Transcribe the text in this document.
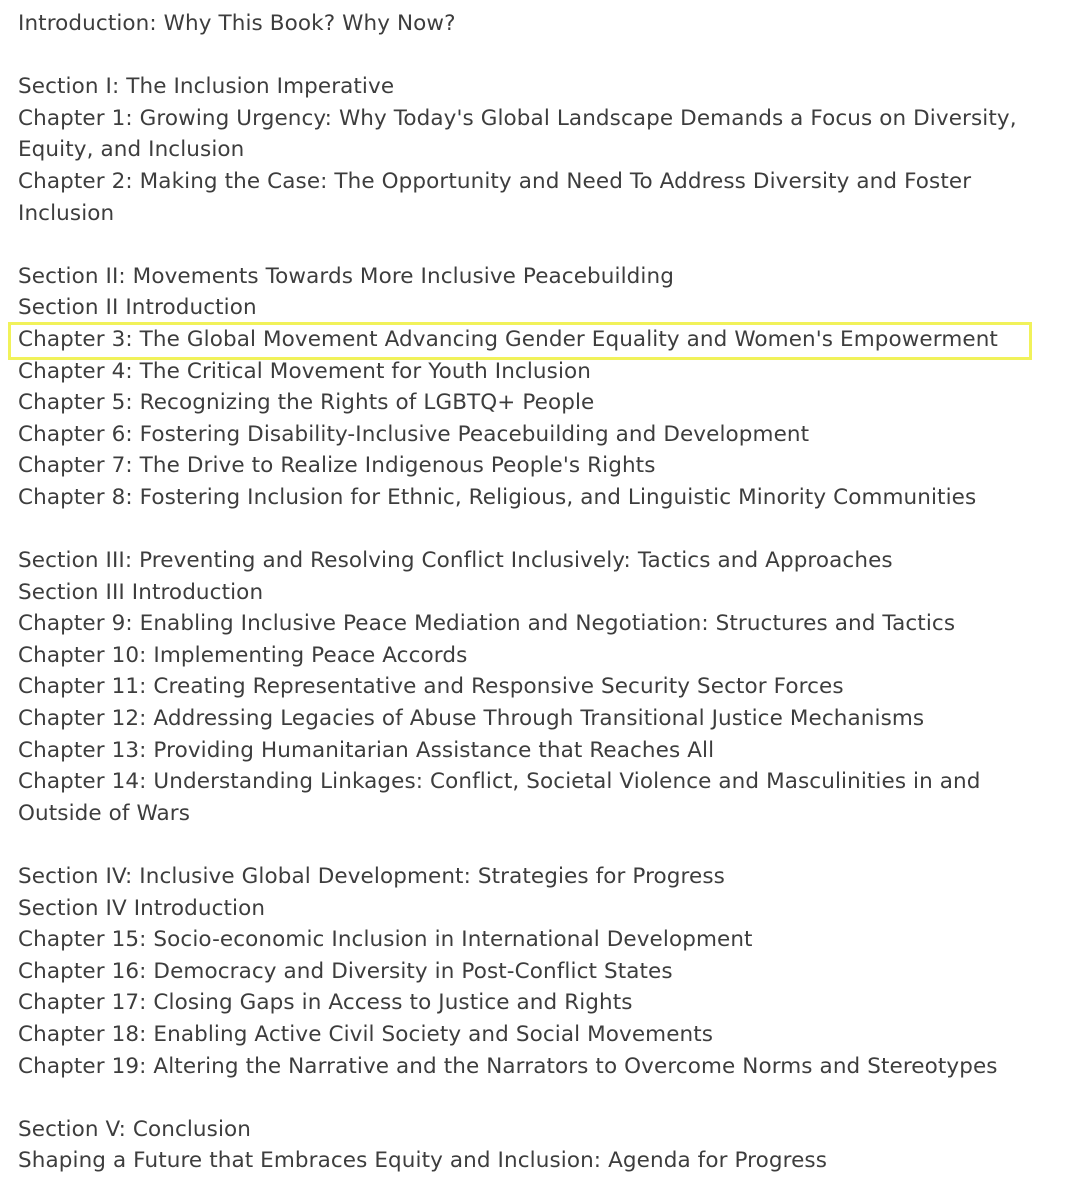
Introduction: Why This Book? Why Now?
Section I: The Inclusion Imperative
Chapter 1: Growing Urgency: Why Today's Global Landscape Demands a Focus on Diversity, Equity, and Inclusion
Chapter 2: Making the Case: The Opportunity and Need To Address Diversity and Foster Inclusion
Section II: Movements Towards More Inclusive Peacebuilding
Section II Introduction
Chapter 3: The Global Movement Advancing Gender Equality and Women's Empowerment
Chapter 4: The Critical Movement for Youth Inclusion
Chapter 5: Recognizing the Rights of LGBTQ+ People
Chapter 6: Fostering Disability-Inclusive Peacebuilding and Development
Chapter 7: The Drive to Realize Indigenous People's Rights
Chapter 8: Fostering Inclusion for Ethnic, Religious, and Linguistic Minority Communities
Section III: Preventing and Resolving Conflict Inclusively: Tactics and Approaches
Section III Introduction
Chapter 9: Enabling Inclusive Peace Mediation and Negotiation: Structures and Tactics
Chapter 10: Implementing Peace Accords
Chapter 11: Creating Representative and Responsive Security Sector Forces
Chapter 12: Addressing Legacies of Abuse Through Transitional Justice Mechanisms
Chapter 13: Providing Humanitarian Assistance that Reaches All
Chapter 14: Understanding Linkages: Conflict, Societal Violence and Masculinities in and Outside of Wars
Section IV: Inclusive Global Development: Strategies for Progress
Section IV Introduction
Chapter 15: Socio-economic Inclusion in International Development
Chapter 16: Democracy and Diversity in Post-Conflict States
Chapter 17: Closing Gaps in Access to Justice and Rights
Chapter 18: Enabling Active Civil Society and Social Movements
Chapter 19: Altering the Narrative and the Narrators to Overcome Norms and Stereotypes
Section V: Conclusion
Shaping a Future that Embraces Equity and Inclusion: Agenda for Progress
